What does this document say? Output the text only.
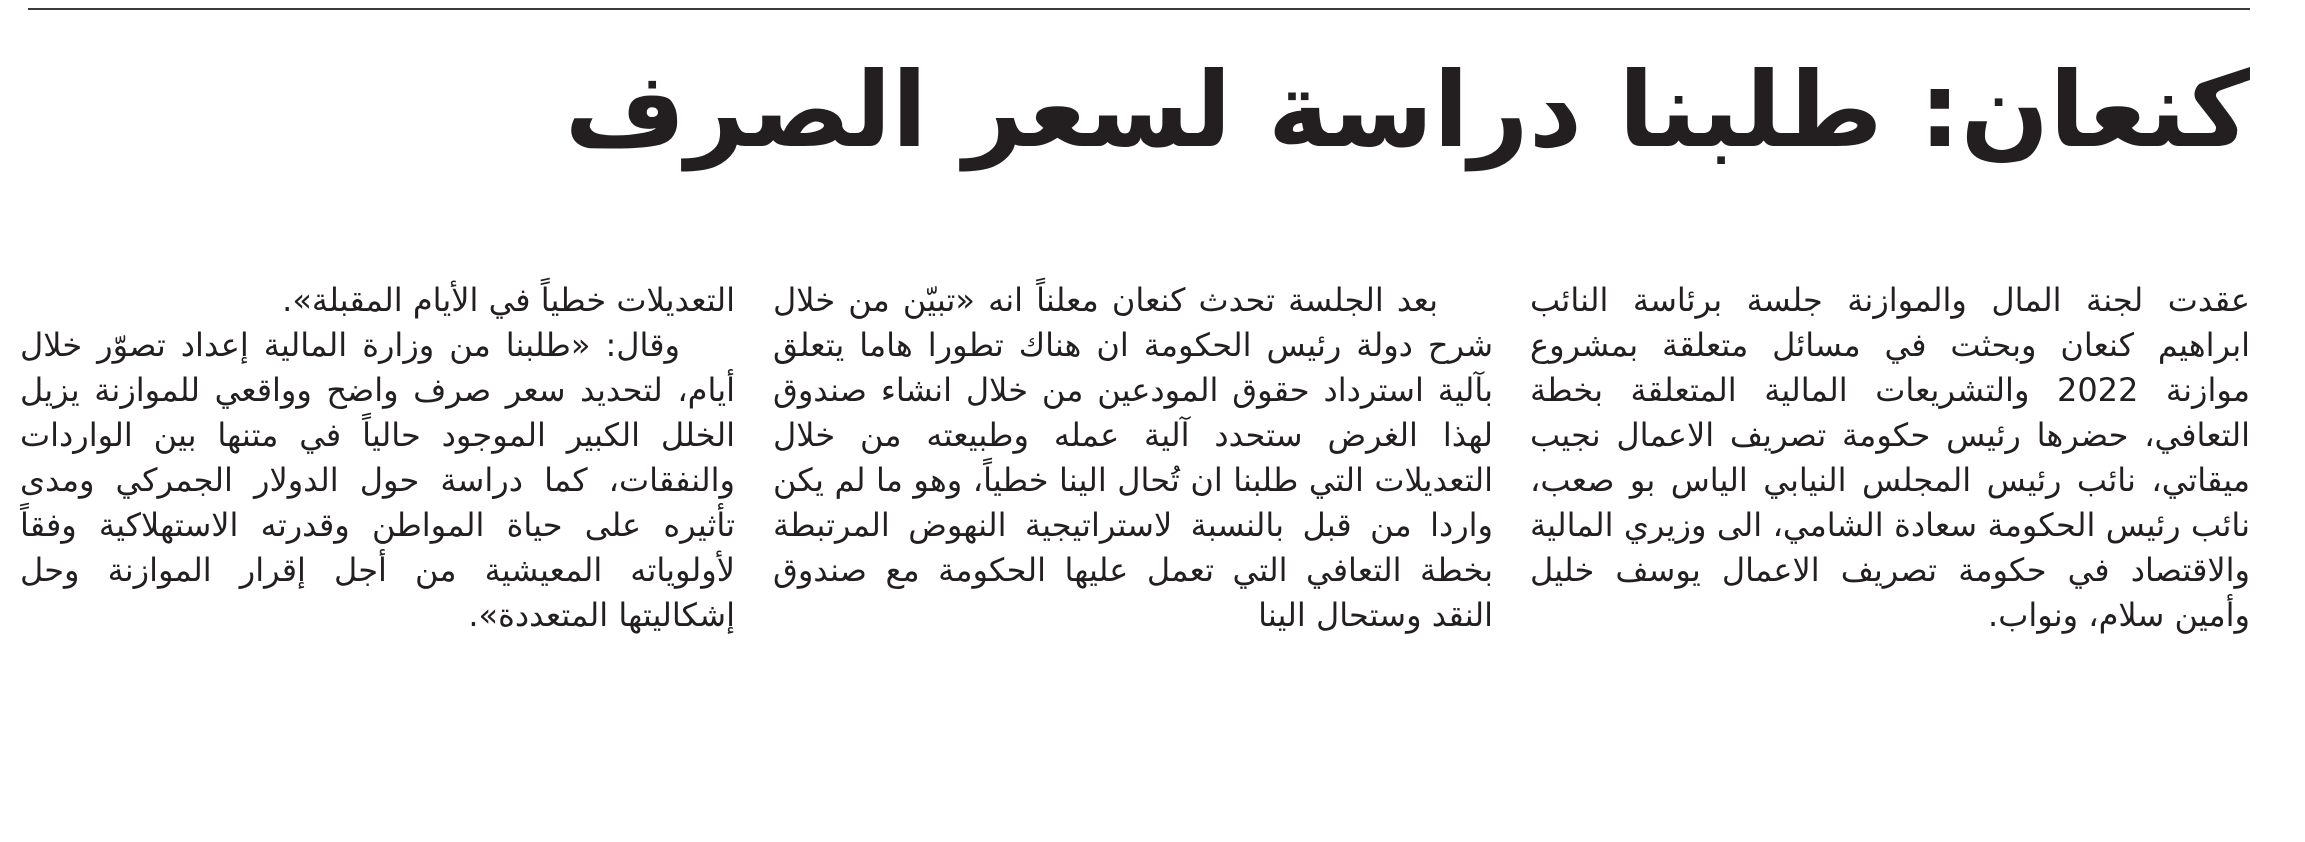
كنعان: طلبنا دراسة لسعر الصرف

عقدت لجنة المال والموازنة جلسة برئاسة النائب ابراهيم كنعان وبحثت في مسائل متعلقة بمشروع موازنة 2022 والتشريعات المالية المتعلقة بخطة التعافي، حضرها رئيس حكومة تصريف الاعمال نجيب ميقاتي، نائب رئيس المجلس النيابي الياس بو صعب، نائب رئيس الحكومة سعادة الشامي، الى وزيري المالية والاقتصاد في حكومة تصريف الاعمال يوسف خليل وأمين سلام، ونواب.

بعد الجلسة تحدث كنعان معلناً انه «تبيّن من خلال شرح دولة رئيس الحكومة ان هناك تطورا هاما يتعلق بآلية استرداد حقوق المودعين من خلال انشاء صندوق لهذا الغرض ستحدد آلية عمله وطبيعته من خلال التعديلات التي طلبنا ان تُحال الينا خطياً، وهو ما لم يكن واردا من قبل بالنسبة لاستراتيجية النهوض المرتبطة بخطة التعافي التي تعمل عليها الحكومة مع صندوق النقد وستحال الينا

التعديلات خطياً في الأيام المقبلة».

وقال: «طلبنا من وزارة المالية إعداد تصوّر خلال أيام، لتحديد سعر صرف واضح وواقعي للموازنة يزيل الخلل الكبير الموجود حالياً في متنها بين الواردات والنفقات، كما دراسة حول الدولار الجمركي ومدى تأثيره على حياة المواطن وقدرته الاستهلاكية وفقاً لأولوياته المعيشية من أجل إقرار الموازنة وحل إشكاليتها المتعددة».
